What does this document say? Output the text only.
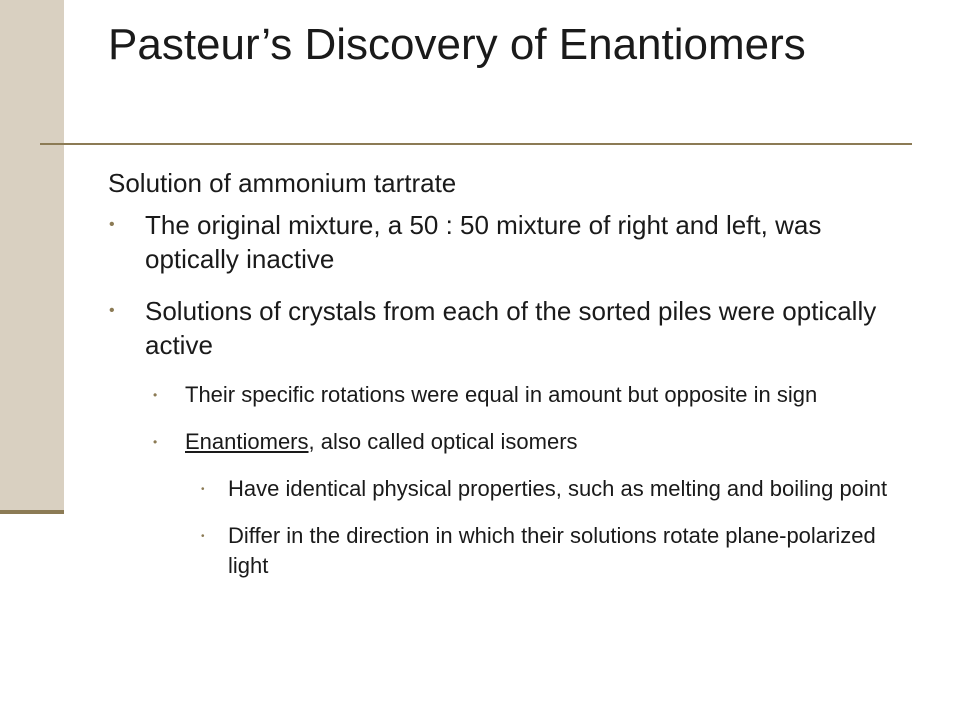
Pasteur’s Discovery of Enantiomers

Solution of ammonium tartrate

• The original mixture, a 50 : 50 mixture of right and left, was optically inactive
• Solutions of crystals from each of the sorted piles were optically active
• Their specific rotations were equal in amount but opposite in sign
• Enantiomers, also called optical isomers
• Have identical physical properties, such as melting and boiling point
• Differ in the direction in which their solutions rotate plane-polarized light
